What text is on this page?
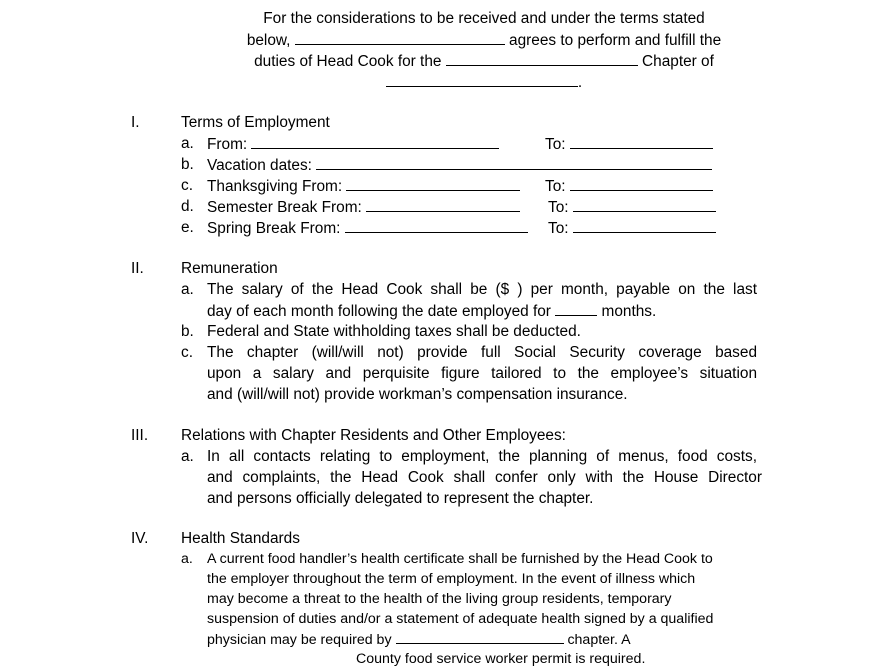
For the considerations to be received and under the terms stated
below,	agrees to perform and fulfill the
duties of Head Cook for the	Chapter of
.
I.	Terms of Employment
a. From:	To:
b. Vacation dates:
c. Thanksgiving From:	To:
d. Semester Break From:	To:
e. Spring Break From:	To:
II. Remuneration
a. The salary of the Head Cook shall be ($ ) per month, payable on the last
day of each month following the date employed for	months.
b. Federal and State withholding taxes shall be deducted.
c. The chapter (will/will not) provide full Social Security coverage based
upon a salary and perquisite figure tailored to the employee’s situation
and (will/will not) provide workman’s compensation insurance.
III. Relations with Chapter Residents and Other Employees:
a. In all contacts relating to employment, the planning of menus, food costs,
and complaints, the Head Cook shall confer only with the House Director
and persons officially delegated to represent the chapter.
IV. Health Standards
a. A current food handler’s health certificate shall be furnished by the Head Cook to
the employer throughout the term of employment. In the event of illness which
may become a threat to the health of the living group residents, temporary
suspension of duties and/or a statement of adequate health signed by a qualified
physician may be required by	chapter. A
County food service worker permit is required.
